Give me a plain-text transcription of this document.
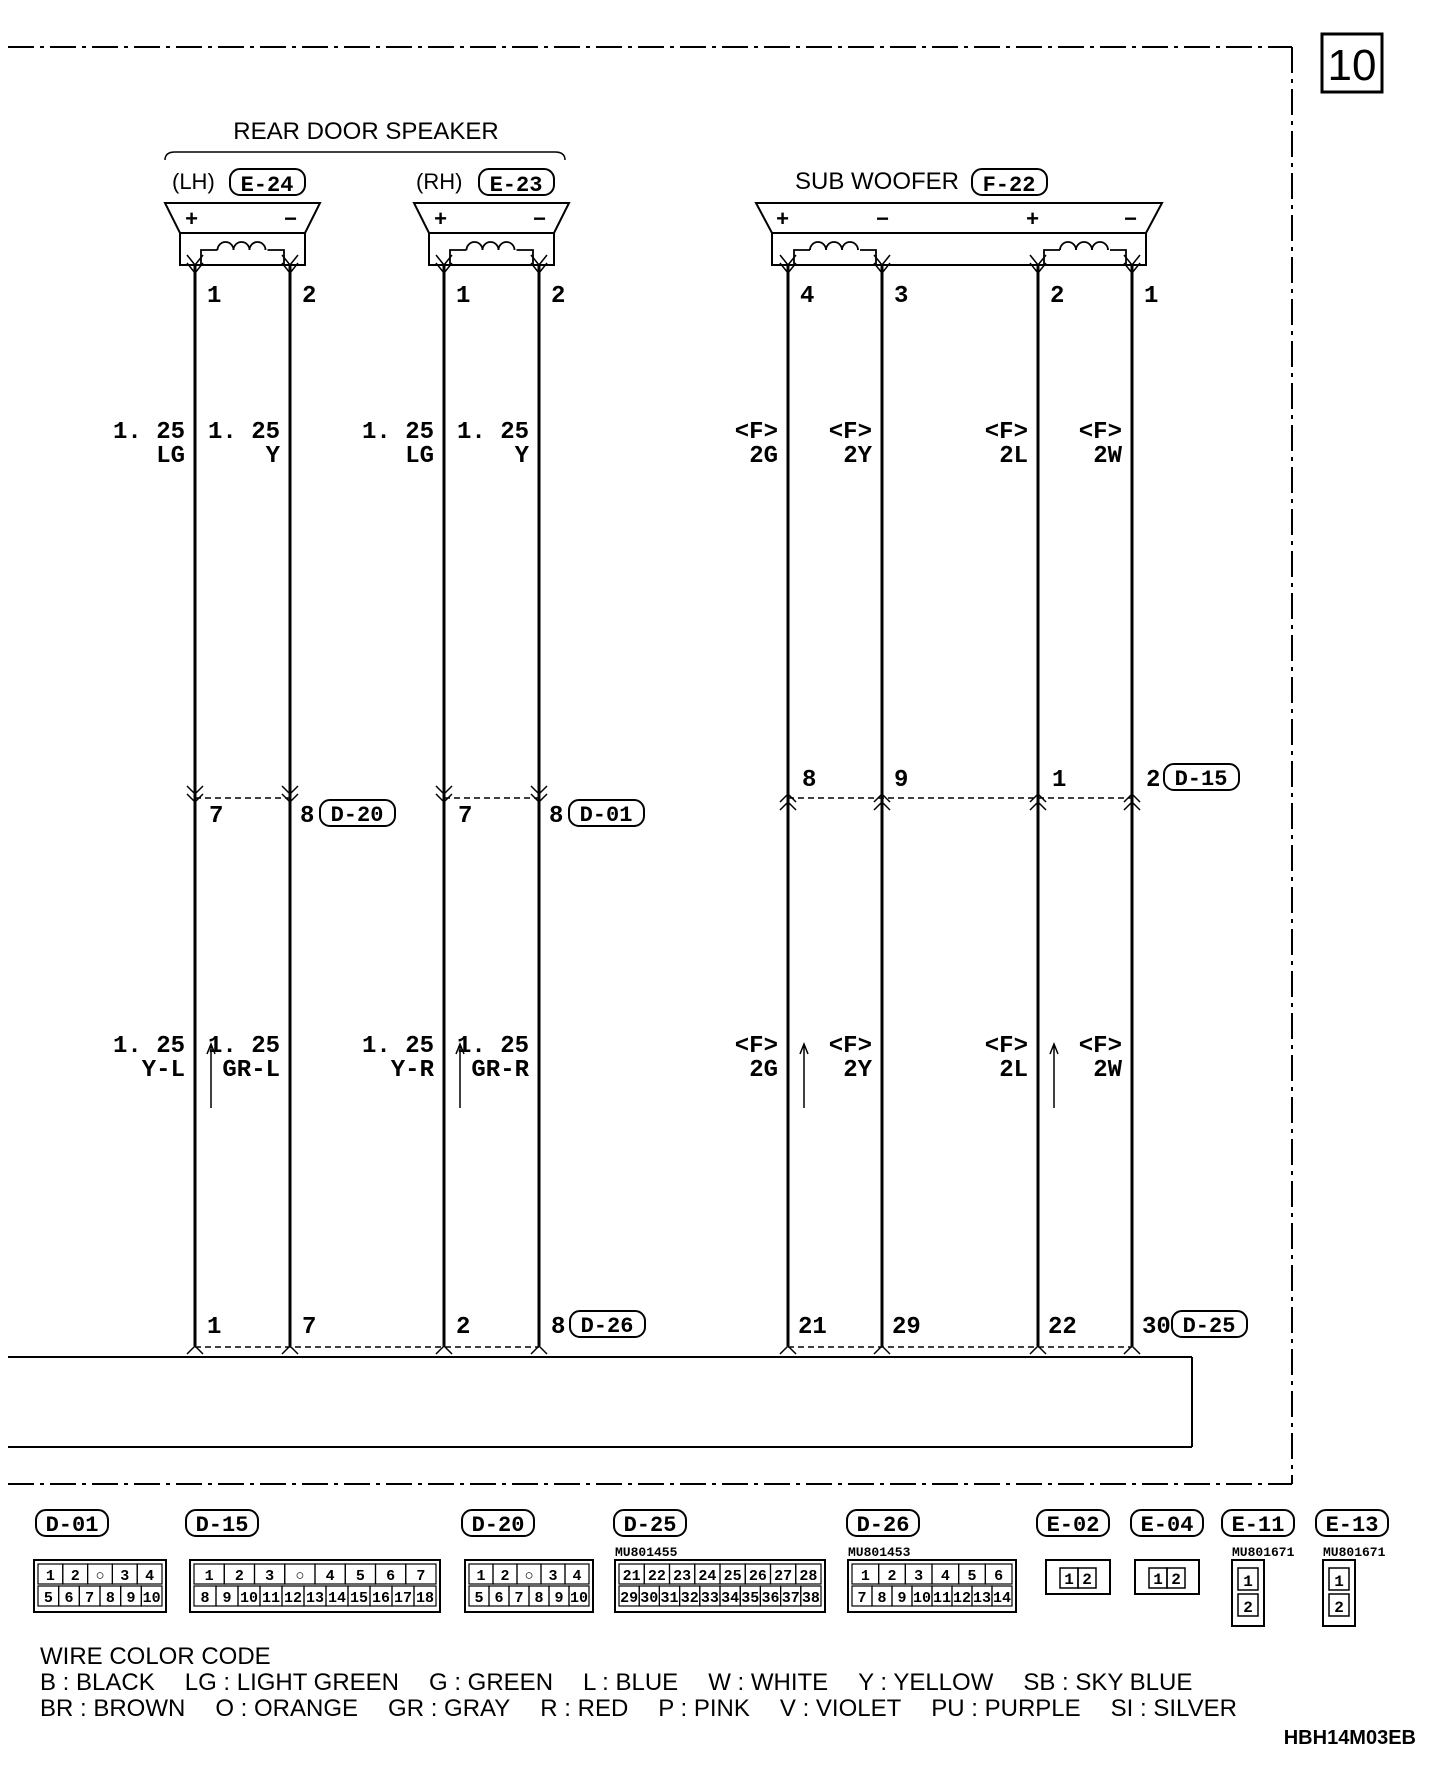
10
REAR DOOR SPEAKER
(LH) E-24
+	−
(RH) E-23
+	−
SUB WOOFER F-22
+	−	+	−
1	2	1	2	4	3	2	1
1. 25
LG
1. 25
Y
1. 25
LG
1. 25
Y
<F>
2G
<F>
2Y
<F>
2L
<F>
2W
1. 25
Y-L
1. 25
GR-L
1. 25
Y-R
1. 25
GR-R
<F>
2G
<F>
2Y
<F>
2L
<F>
2W
7	8 D-20	7	8 D-01
8	9	1	2 D-15
1	7	2	8 D-26	21	29	22	30 D-25
D-01
1 2 ○ 3 4
5 6 7 8 9 10
D-15
1 2 3 ○ 4 5 6 7
8 9 10 11 12 13 14 15 16 17 18
D-20
1 2 ○ 3 4
5 6 7 8 9 10
D-25
MU801455
21 22 23 24 25 26 27 28
29 30 31 32 33 34 35 36 37 38
D-26
MU801453
1 2 3 4 5 6
7 8 9 10 11 12 13 14
E-02
1 2
E-04
1 2
E-11
MU801671
1
2
E-13
MU801671
1
2
WIRE COLOR CODE
B : BLACK LG : LIGHT GREEN G : GREEN L : BLUE W : WHITE Y : YELLOW SB : SKY BLUE
BR : BROWN O : ORANGE GR : GRAY R : RED P : PINK V : VIOLET PU : PURPLE SI : SILVER
HBH14M03EB
